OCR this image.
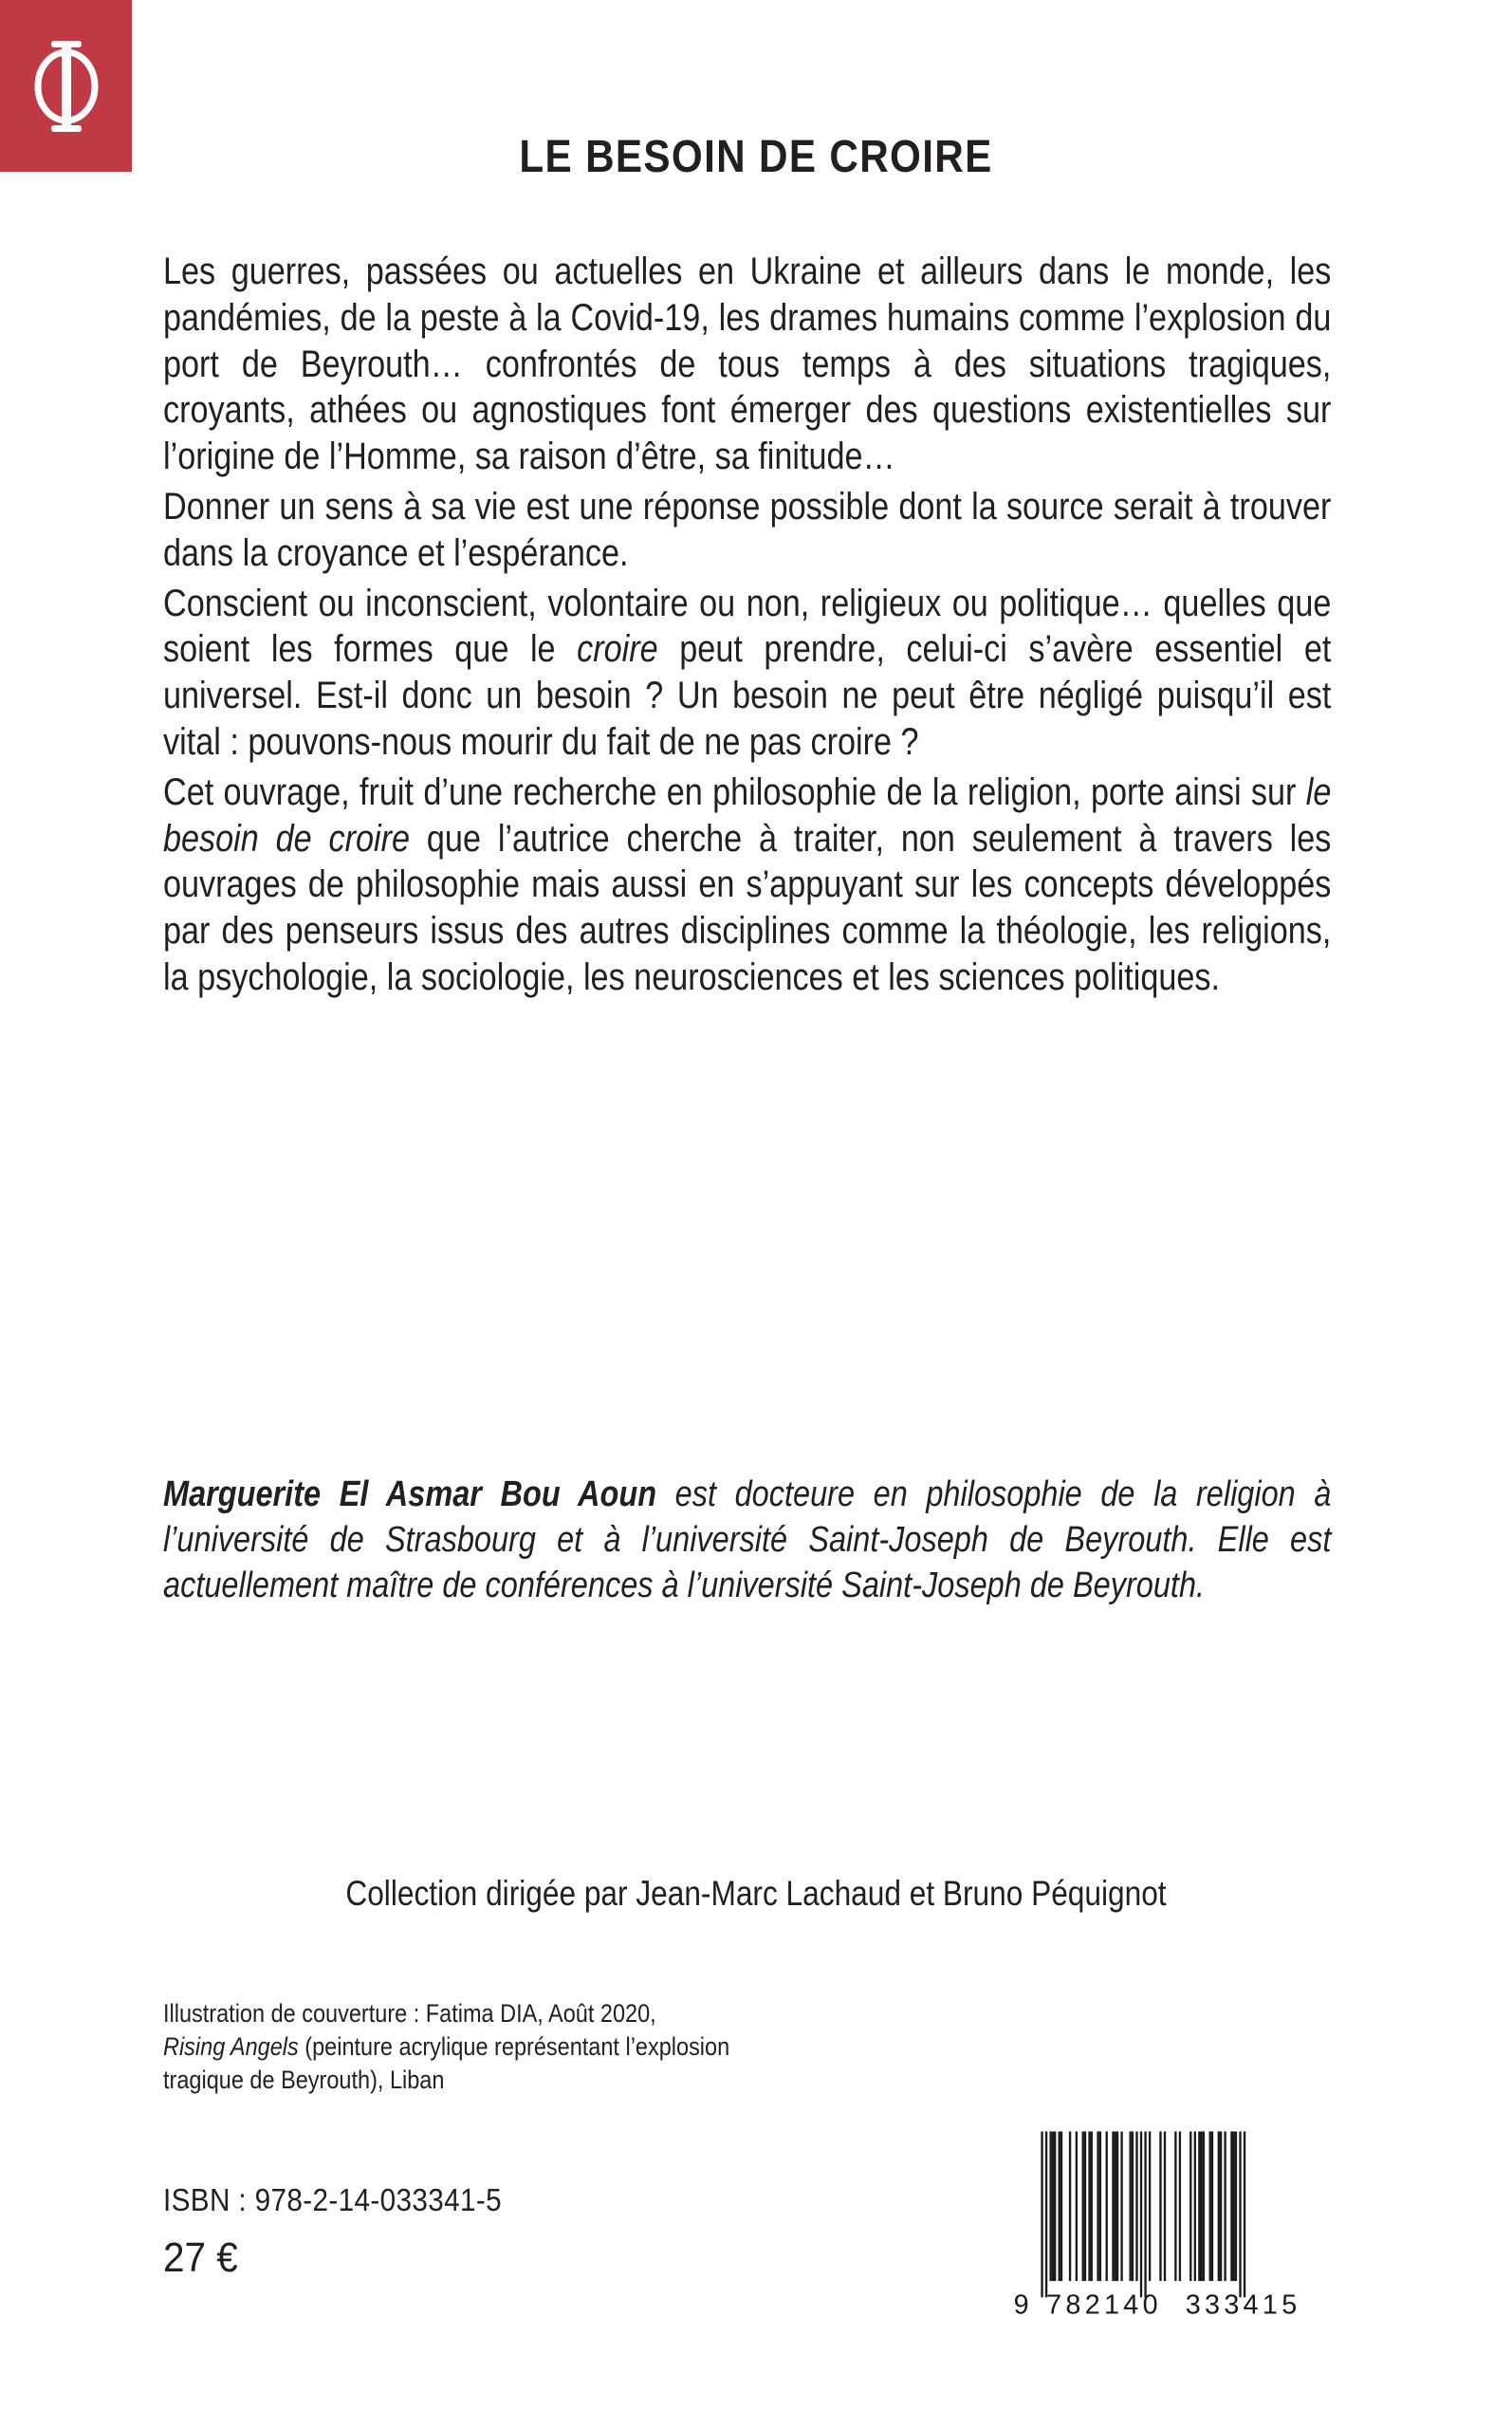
LE BESOIN DE CROIRE

Les guerres, passées ou actuelles en Ukraine et ailleurs dans le monde, les pandémies, de la peste à la Covid-19, les drames humains comme l’explosion du port de Beyrouth… confrontés de tous temps à des situations tragiques, croyants, athées ou agnostiques font émerger des questions existentielles sur l’origine de l’Homme, sa raison d’être, sa finitude…

Donner un sens à sa vie est une réponse possible dont la source serait à trouver dans la croyance et l’espérance.

Conscient ou inconscient, volontaire ou non, religieux ou politique… quelles que soient les formes que le croire peut prendre, celui-ci s’avère essentiel et universel. Est-il donc un besoin ? Un besoin ne peut être négligé puisqu’il est vital : pouvons-nous mourir du fait de ne pas croire ?

Cet ouvrage, fruit d’une recherche en philosophie de la religion, porte ainsi sur le besoin de croire que l’autrice cherche à traiter, non seulement à travers les ouvrages de philosophie mais aussi en s’appuyant sur les concepts développés par des penseurs issus des autres disciplines comme la théologie, les religions, la psychologie, la sociologie, les neurosciences et les sciences politiques.

Marguerite El Asmar Bou Aoun est docteure en philosophie de la religion à l’université de Strasbourg et à l’université Saint-Joseph de Beyrouth. Elle est actuellement maître de conférences à l’université Saint-Joseph de Beyrouth.

Collection dirigée par Jean-Marc Lachaud et Bruno Péquignot
Illustration de couverture : Fatima DIA, Août 2020,
Rising Angels (peinture acrylique représentant l’explosion
tragique de Beyrouth), Liban
ISBN : 978-2-14-033341-5
27 €
9 782140 333415
